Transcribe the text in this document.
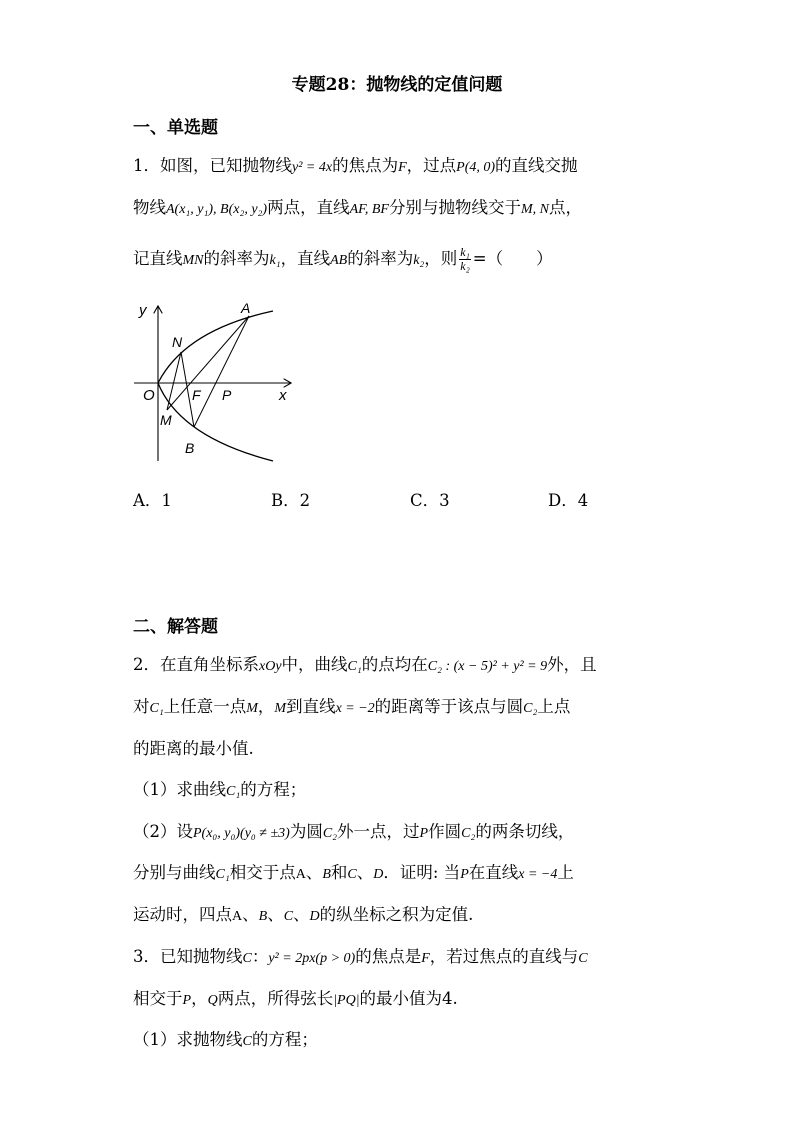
专题28：抛物线的定值问题
一、单选题
1．如图，已知抛物线y² = 4x的焦点为F，过点P(4, 0)的直线交抛
物线A(x₁, y₁), B(x₂, y₂)两点，直线AF, BF分别与抛物线交于M, N点，
记直线MN的斜率为k₁，直线AB的斜率为k₂，则 $\frac{\text{k₁}}{\text{k₂}}$ =（　　）
y
x
O
N
M
F P
A
B
A．1	B．2	C．3	D．4
二、解答题
2．在直角坐标系xOy中，曲线C₁的点均在C₂ : (x − 5)² + y² = 9外，且
对C₁上任意一点M，M到直线x = −2的距离等于该点与圆C₂上点
的距离的最小值.
（1）求曲线C₁的方程；
（2）设P(x₀, y₀)(y₀ ≠ ±3)为圆C₂外一点，过P作圆C₂的两条切线，
分别与曲线C₁相交于点A、B和C、D．证明: 当P在直线x = −4上
运动时，四点A、B、C、D的纵坐标之积为定值.
3．已知抛物线C：y² = 2px(p > 0)的焦点是F，若过焦点的直线与C
相交于P，Q两点，所得弦长|PQ|的最小值为4.
（1）求抛物线C的方程；
